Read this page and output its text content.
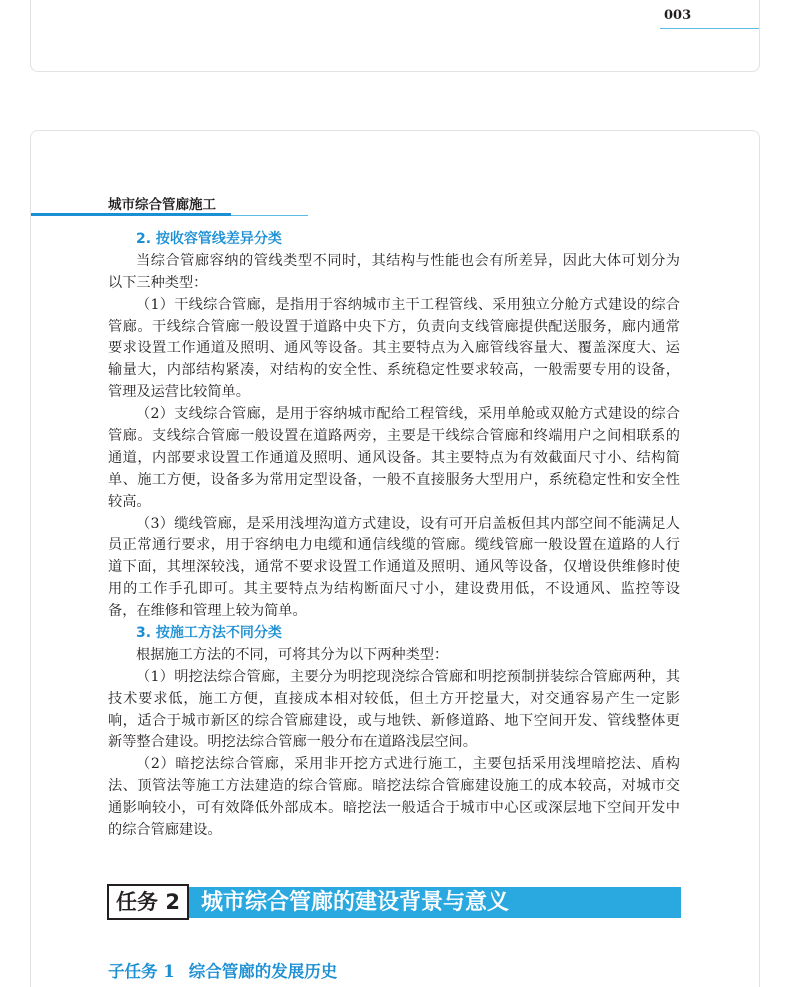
003
城市综合管廊施工
2. 按收容管线差异分类
当综合管廊容纳的管线类型不同时，其结构与性能也会有所差异，因此大体可划分为
以下三种类型：
（1）干线综合管廊，是指用于容纳城市主干工程管线、采用独立分舱方式建设的综合
管廊。干线综合管廊一般设置于道路中央下方，负责向支线管廊提供配送服务，廊内通常
要求设置工作通道及照明、通风等设备。其主要特点为入廊管线容量大、覆盖深度大、运
输量大，内部结构紧凑，对结构的安全性、系统稳定性要求较高，一般需要专用的设备，
管理及运营比较简单。
（2）支线综合管廊，是用于容纳城市配给工程管线，采用单舱或双舱方式建设的综合
管廊。支线综合管廊一般设置在道路两旁，主要是干线综合管廊和终端用户之间相联系的
通道，内部要求设置工作通道及照明、通风设备。其主要特点为有效截面尺寸小、结构简
单、施工方便，设备多为常用定型设备，一般不直接服务大型用户，系统稳定性和安全性
较高。
（3）缆线管廊，是采用浅埋沟道方式建设，设有可开启盖板但其内部空间不能满足人
员正常通行要求，用于容纳电力电缆和通信线缆的管廊。缆线管廊一般设置在道路的人行
道下面，其埋深较浅，通常不要求设置工作通道及照明、通风等设备，仅增设供维修时使
用的工作手孔即可。其主要特点为结构断面尺寸小，建设费用低，不设通风、监控等设
备，在维修和管理上较为简单。
3. 按施工方法不同分类
根据施工方法的不同，可将其分为以下两种类型：
（1）明挖法综合管廊，主要分为明挖现浇综合管廊和明挖预制拼装综合管廊两种，其
技术要求低，施工方便，直接成本相对较低，但土方开挖量大，对交通容易产生一定影
响，适合于城市新区的综合管廊建设，或与地铁、新修道路、地下空间开发、管线整体更
新等整合建设。明挖法综合管廊一般分布在道路浅层空间。
（2）暗挖法综合管廊，采用非开挖方式进行施工，主要包括采用浅埋暗挖法、盾构
法、顶管法等施工方法建造的综合管廊。暗挖法综合管廊建设施工的成本较高，对城市交
通影响较小，可有效降低外部成本。暗挖法一般适合于城市中心区或深层地下空间开发中
的综合管廊建设。
任务 2 城市综合管廊的建设背景与意义
子任务 1 综合管廊的发展历史
